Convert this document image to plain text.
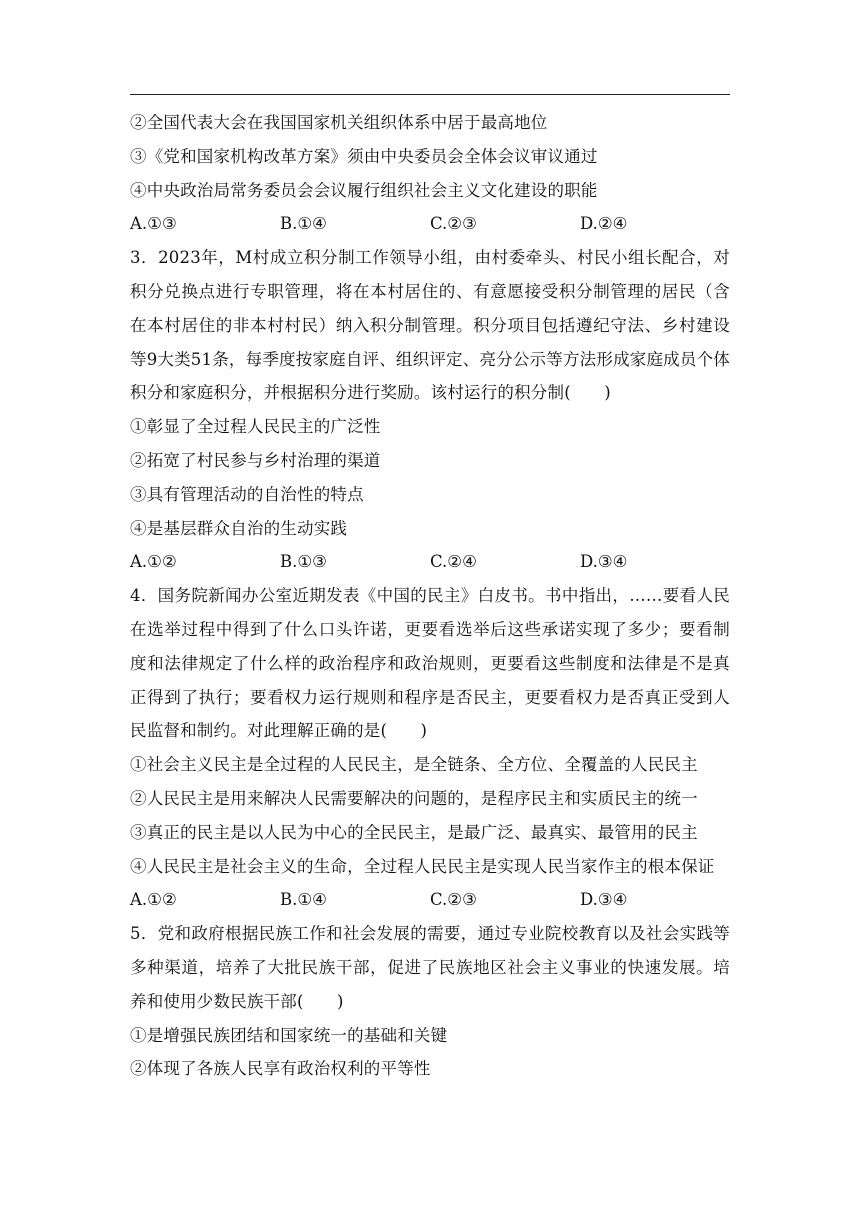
②全国代表大会在我国国家机关组织体系中居于最高地位
③《党和国家机构改革方案》须由中央委员会全体会议审议通过
④中央政治局常务委员会会议履行组织社会主义文化建设的职能
A.①③	B.①④	C.②③	D.②④
3．2023年，M村成立积分制工作领导小组，由村委牵头、村民小组长配合，对积分兑换点进行专职管理，将在本村居住的、有意愿接受积分制管理的居民（含在本村居住的非本村村民）纳入积分制管理。积分项目包括遵纪守法、乡村建设等9大类51条，每季度按家庭自评、组织评定、亮分公示等方法形成家庭成员个体积分和家庭积分，并根据积分进行奖励。该村运行的积分制(　　)
①彰显了全过程人民民主的广泛性
②拓宽了村民参与乡村治理的渠道
③具有管理活动的自治性的特点
④是基层群众自治的生动实践
A.①②	B.①③	C.②④	D.③④
4．国务院新闻办公室近期发表《中国的民主》白皮书。书中指出，……要看人民在选举过程中得到了什么口头许诺，更要看选举后这些承诺实现了多少；要看制度和法律规定了什么样的政治程序和政治规则，更要看这些制度和法律是不是真正得到了执行；要看权力运行规则和程序是否民主，更要看权力是否真正受到人民监督和制约。对此理解正确的是(　　)
①社会主义民主是全过程的人民民主，是全链条、全方位、全覆盖的人民民主
②人民民主是用来解决人民需要解决的问题的，是程序民主和实质民主的统一
③真正的民主是以人民为中心的全民民主，是最广泛、最真实、最管用的民主
④人民民主是社会主义的生命，全过程人民民主是实现人民当家作主的根本保证
A.①②	B.①④	C.②③	D.③④
5．党和政府根据民族工作和社会发展的需要，通过专业院校教育以及社会实践等多种渠道，培养了大批民族干部，促进了民族地区社会主义事业的快速发展。培养和使用少数民族干部(　　)
①是增强民族团结和国家统一的基础和关键
②体现了各族人民享有政治权利的平等性
